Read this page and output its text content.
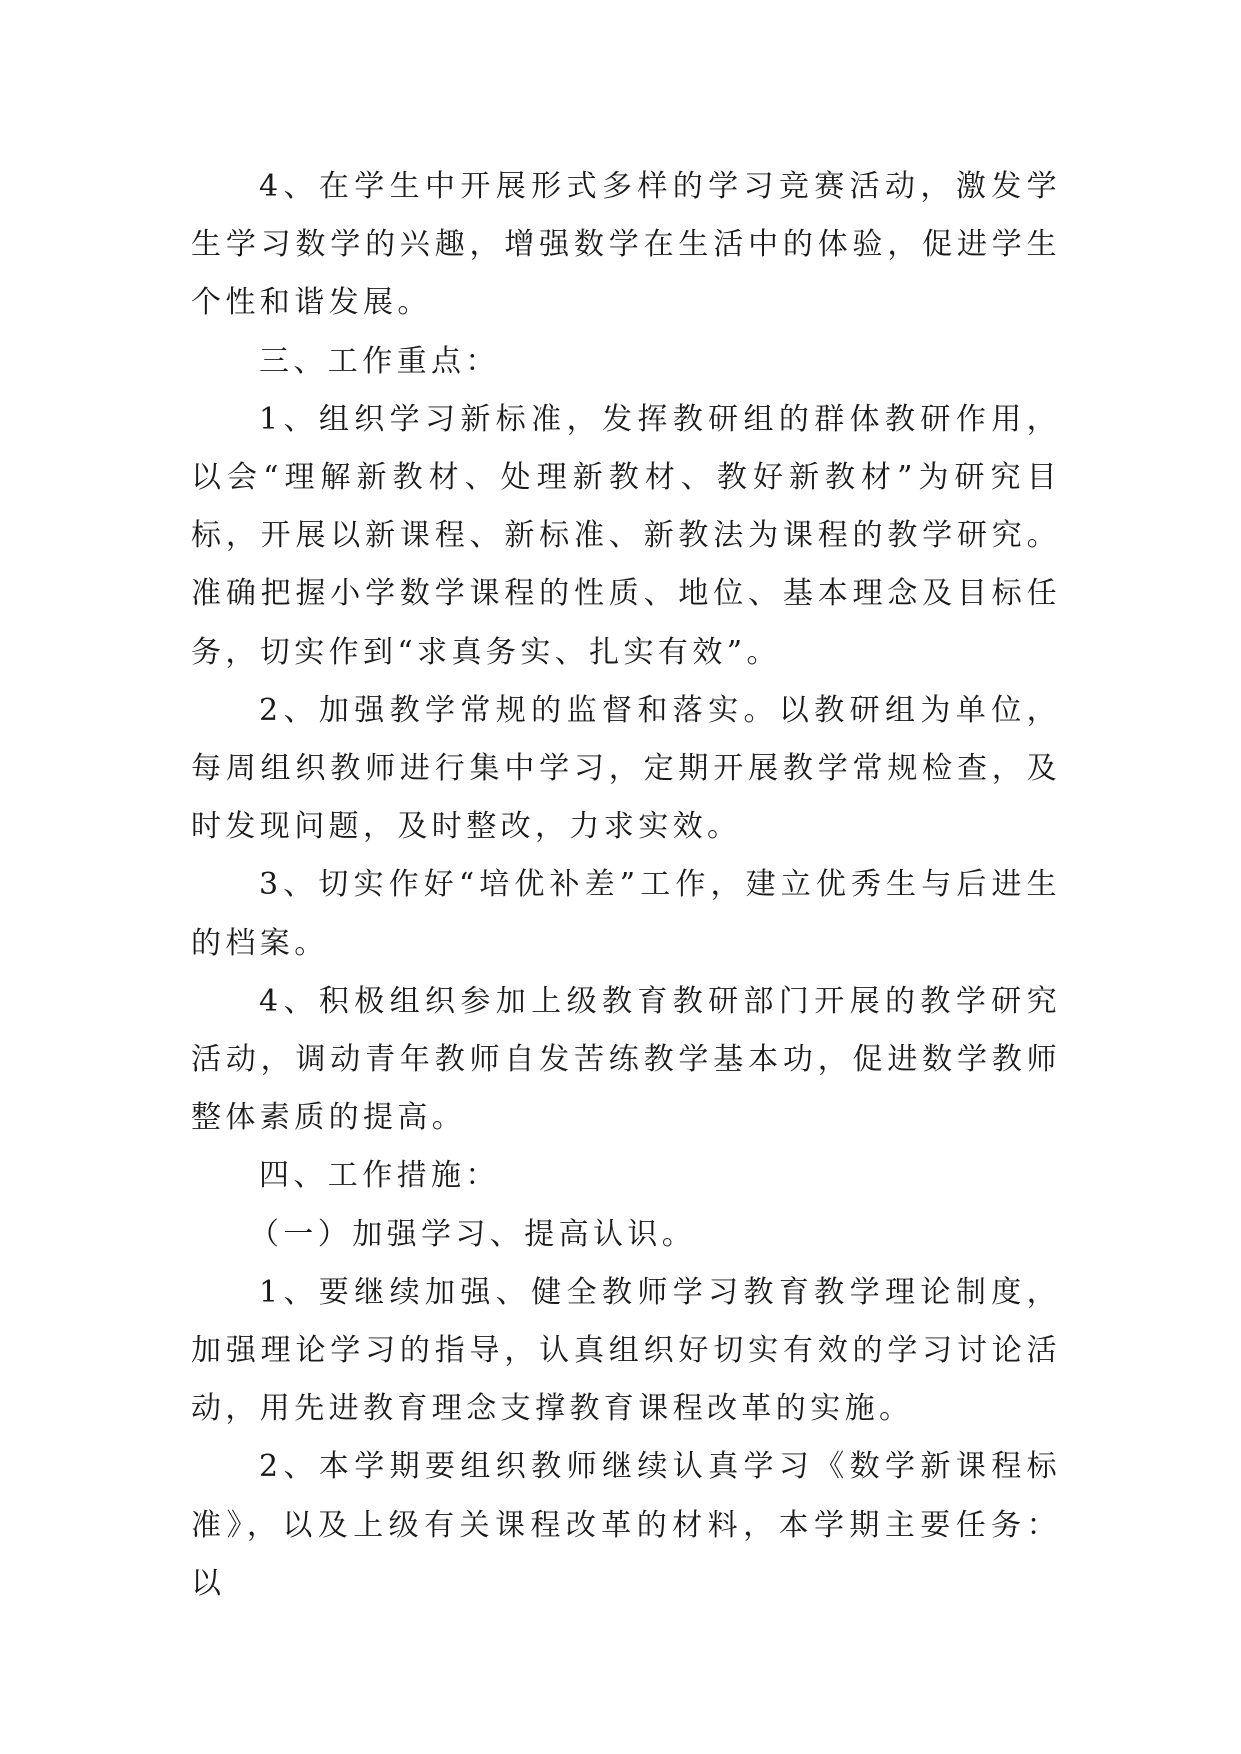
4、在学生中开展形式多样的学习竞赛活动，激发学生学习数学的兴趣，增强数学在生活中的体验，促进学生个性和谐发展。

三、工作重点：

1、组织学习新标准，发挥教研组的群体教研作用，以会“理解新教材、处理新教材、教好新教材”为研究目标，开展以新课程、新标准、新教法为课程的教学研究。准确把握小学数学课程的性质、地位、基本理念及目标任务，切实作到“求真务实、扎实有效”。

2、加强教学常规的监督和落实。以教研组为单位，每周组织教师进行集中学习，定期开展教学常规检查，及时发现问题，及时整改，力求实效。

3、切实作好“培优补差”工作，建立优秀生与后进生的档案。

4、积极组织参加上级教育教研部门开展的教学研究活动，调动青年教师自发苦练教学基本功，促进数学教师整体素质的提高。

四、工作措施：

（一）加强学习、提高认识。

1、要继续加强、健全教师学习教育教学理论制度，加强理论学习的指导，认真组织好切实有效的学习讨论活动，用先进教育理念支撑教育课程改革的实施。

2、本学期要组织教师继续认真学习《数学新课程标准》，以及上级有关课程改革的材料，本学期主要任务：以
